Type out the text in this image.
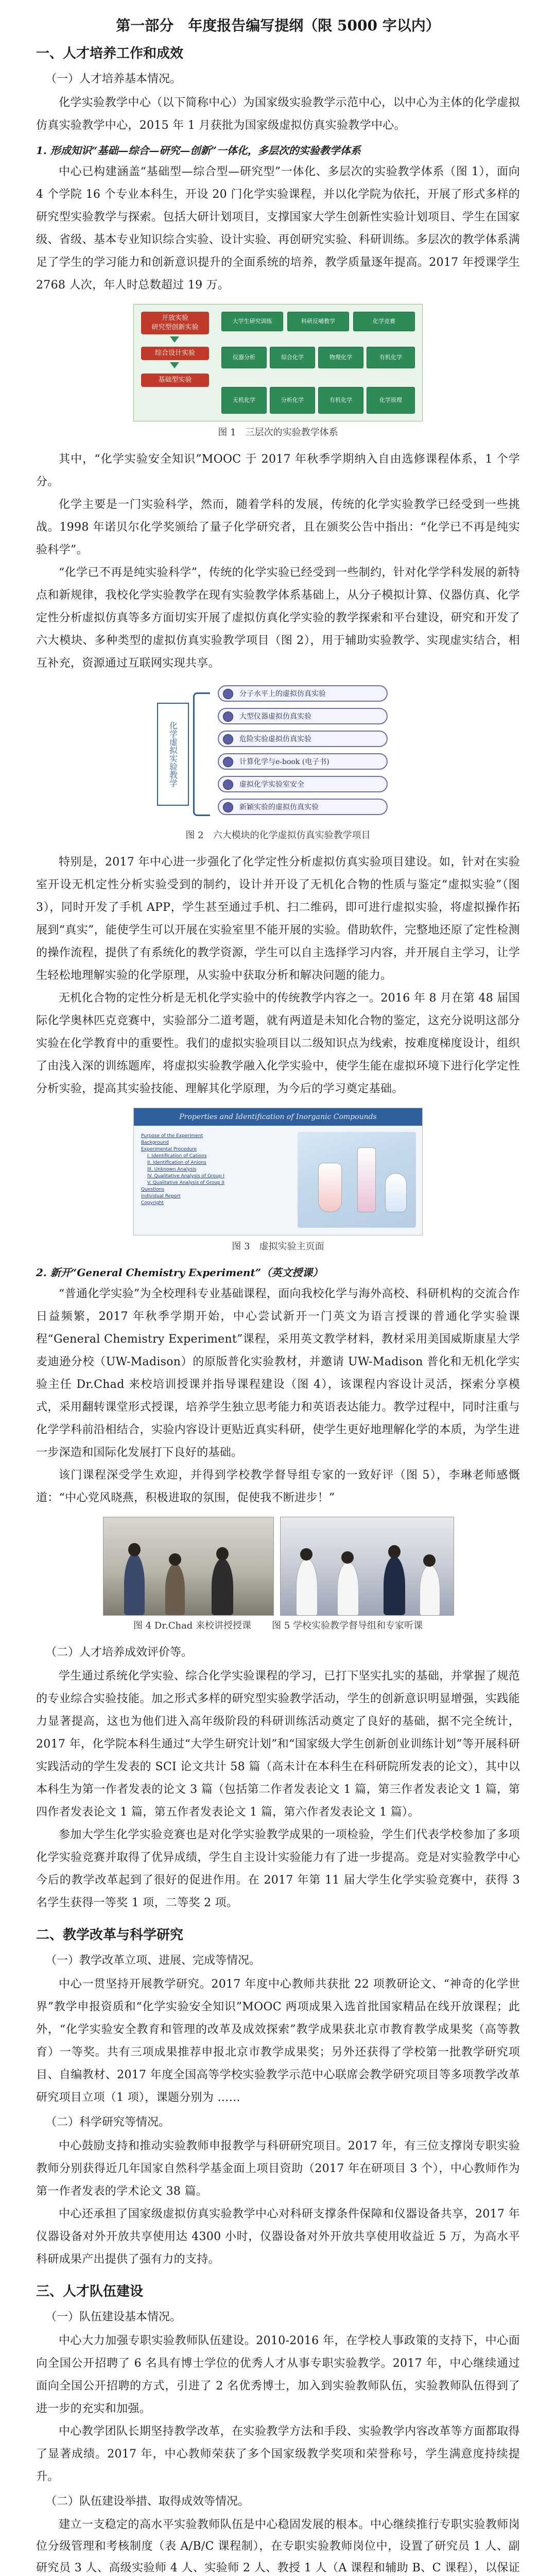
第一部分　年度报告编写提纲（限 5000 字以内）
一、人才培养工作和成效
（一）人才培养基本情况。

化学实验教学中心（以下简称中心）为国家级实验教学示范中心，以中心为主体的化学虚拟仿真实验教学中心，2015 年 1 月获批为国家级虚拟仿真实验教学中心。

1. 形成知识“基础—综合—研究—创新”一体化，多层次的实验教学体系

中心已构建涵盖“基础型—综合型—研究型”一体化、多层次的实验教学体系（图 1），面向 4 个学院 16 个专业本科生，开设 20 门化学实验课程，并以化学院为依托，开展了形式多样的研究型实验教学与探索。包括大研计划项目，支撑国家大学生创新性实验计划项目、学生在国家级、省级、基本专业知识综合实验、设计实验、再创研究实验、科研训练。多层次的教学体系满足了学生的学习能力和创新意识提升的全面系统的培养，教学质量逐年提高。2017 年授课学生 2768 人次，年人时总数超过 19 万。

开放实验
研究型创新实验
综合设计实验
基础型实验
大学生研究训练	科研反哺教学	化学竞赛
仪器分析	综合化学	物理化学	有机化学
无机化学	分析化学	有机化学	化学原理
图 1　三层次的实验教学体系

其中，“化学实验安全知识”MOOC 于 2017 年秋季学期纳入自由选修课程体系，1 个学分。

化学主要是一门实验科学，然而，随着学科的发展，传统的化学实验教学已经受到一些挑战。1998 年诺贝尔化学奖颁给了量子化学研究者，且在颁奖公告中指出：“化学已不再是纯实验科学”。

“化学已不再是纯实验科学”，传统的化学实验已经受到一些制约，针对化学学科发展的新特点和新规律，我校化学实验教学在现有实验教学体系基础上，从分子模拟计算、仪器仿真、化学定性分析虚拟仿真等多方面切实开展了虚拟仿真化学实验的教学探索和平台建设，研究和开发了六大模块、多种类型的虚拟仿真实验教学项目（图 2），用于辅助实验教学、实现虚实结合，相互补充，资源通过互联网实现共享。

化学虚拟实验教学
分子水平上的虚拟仿真实验
大型仪器虚拟仿真实验
危险实验虚拟仿真实验
计算化学与e-book (电子书)
虚拟化学实验室安全
新颖实验的虚拟仿真实验
图 2　六大模块的化学虚拟仿真实验教学项目

特别是，2017 年中心进一步强化了化学定性分析虚拟仿真实验项目建设。如，针对在实验室开设无机定性分析实验受到的制约，设计并开设了无机化合物的性质与鉴定“虚拟实验”（图 3），同时开发了手机 APP，学生甚至通过手机、扫二维码，即可进行虚拟实验，将虚拟操作拓展到“真实”，能使学生可以开展在实验室里不能开展的实验。借助软件，完整地还原了定性检测的操作流程，提供了有系统化的教学资源，学生可以自主选择学习内容，并开展自主学习，让学生轻松地理解实验的化学原理，从实验中获取分析和解决问题的能力。

无机化合物的定性分析是无机化学实验中的传统教学内容之一。2016 年 8 月在第 48 届国际化学奥林匹克竞赛中，实验部分二道考题，就有两道是未知化合物的鉴定，这充分说明这部分实验在化学教育中的重要性。我们的虚拟实验项目以二级知识点为线索，按难度梯度设计，组织了由浅入深的训练题库，将虚拟实验教学融入化学实验中，使学生能在虚拟环境下进行化学定性分析实验，提高其实验技能、理解其化学原理，为今后的学习奠定基础。

Properties and Identification of Inorganic Compounds
Purpose of the Experiment
Background
Experimental Procedure
I. Identification of Cations
II. Identification of Anions
III. Unknown Analysis
IV. Qualitative Analysis of Group I
V. Qualitative Analysis of Group II
Questions
Individual Report
Copyright
图 3　虚拟实验主页面
2. 新开“General Chemistry Experiment”（英文授课）

“普通化学实验”为全校理科专业基础课程，面向我校化学与海外高校、科研机构的交流合作日益频繁，2017 年秋季学期开始，中心尝试新开一门英文为语言授课的普通化学实验课程“General Chemistry Experiment”课程，采用英文教学材料，教材采用美国威斯康星大学麦迪逊分校（UW-Madison）的原版普化实验教材，并邀请 UW-Madison 普化和无机化学实验主任 Dr.Chad 来校培训授课并指导课程建设（图 4），该课程内容设计灵活，探索分享模式，采用翻转课堂形式授课，培养学生独立思考能力和英语表达能力。教学过程中，同时注重与化学学科前沿相结合，实验内容设计更贴近真实科研，使学生更好地理解化学的本质，为学生进一步深造和国际化发展打下良好的基础。

该门课程深受学生欢迎，并得到学校教学督导组专家的一致好评（图 5），李琳老师感慨道：“中心党风晓燕，积极进取的氛围，促使我不断进步！”

图 4 Dr.Chad 来校讲授授课 图 5 学校实验教学督导组和专家听课
（二）人才培养成效评价等。

学生通过系统化学实验、综合化学实验课程的学习，已打下坚实扎实的基础，并掌握了规范的专业综合实验技能。加之形式多样的研究型实验教学活动，学生的创新意识明显增强，实践能力显著提高，这也为他们进入高年级阶段的科研训练活动奠定了良好的基础，据不完全统计，2017 年，化学院本科生通过“大学生研究计划”和“国家级大学生创新创业训练计划”等开展科研实践活动的学生发表的 SCI 论文共计 58 篇（高未计在本科生在科研院所发表的论文），其中以本科生为第一作者发表的论文 3 篇（包括第二作者发表论文 1 篇，第三作者发表论文 1 篇，第四作者发表论文 1 篇，第五作者发表论文 1 篇，第六作者发表论文 1 篇）。

参加大学生化学实验竞赛也是对化学实验教学成果的一项检验，学生们代表学校参加了多项化学实验竞赛并取得了优异成绩，学生自主设计实验能力有了进一步提高。竞是对实验教学中心今后的教学改革起到了很好的促进作用。在 2017 年第 11 届大学生化学实验竞赛中，获得 3 名学生获得一等奖 1 项，二等奖 2 项。

二、教学改革与科学研究
（一）教学改革立项、进展、完成等情况。

中心一贯坚持开展教学研究。2017 年度中心教师共获批 22 项教研论文、“神奇的化学世界”教学申报资质和“化学实验安全知识”MOOC 两项成果入选首批国家精品在线开放课程；此外，“化学实验安全教育和管理的改革及成效探索”教学成果获北京市教育教学成果奖（高等教育）一等奖。共有三项成果推荐申报北京市教学成果奖；另外还获得了学校第一批教学研究项目、自编教材、2017 年度全国高等学校实验教学示范中心联席会教学研究项目等多项教学改革研究项目立项（1 项），课题分别为 ……

（二）科学研究等情况。

中心鼓励支持和推动实验教师申报教学与科研研究项目。2017 年，有三位支撑岗专职实验教师分别获得近几年国家自然科学基金面上项目资助（2017 年在研项目 3 个），中心教师作为第一作者发表的学术论文 38 篇。

中心还承担了国家级虚拟仿真实验教学中心对科研支撑条件保障和仪器设备共享，2017 年仪器设备对外开放共享使用达 4300 小时，仪器设备对外开放共享使用收益近 5 万，为高水平科研成果产出提供了强有力的支持。

三、人才队伍建设
（一）队伍建设基本情况。

中心大力加强专职实验教师队伍建设。2010-2016 年，在学校人事政策的支持下，中心面向全国公开招聘了 6 名具有博士学位的优秀人才从事专职实验教学。2017 年，中心继续通过面向全国公开招聘的方式，引进了 2 名优秀博士，加入到实验教师队伍，实验教师队伍得到了进一步的充实和加强。

中心教学团队长期坚持教学改革，在实验教学方法和手段、实验教学内容改革等方面都取得了显著成绩。2017 年，中心教师荣获了多个国家级教学奖项和荣誉称号，学生满意度持续提升。

（二）队伍建设举措、取得成效等情况。

建立一支稳定的高水平实验教师队伍是中心稳固发展的根本。中心继续推行专职实验教师岗位分级管理和考核制度（表 A/B/C 课程制），在专职实验教师岗位中，设置了研究员 1 人、副研究员 3 人、高级实验师 4 人、实验师 2 人、教授 1 人（A 课程和辅助 B、C 课程），以保证
